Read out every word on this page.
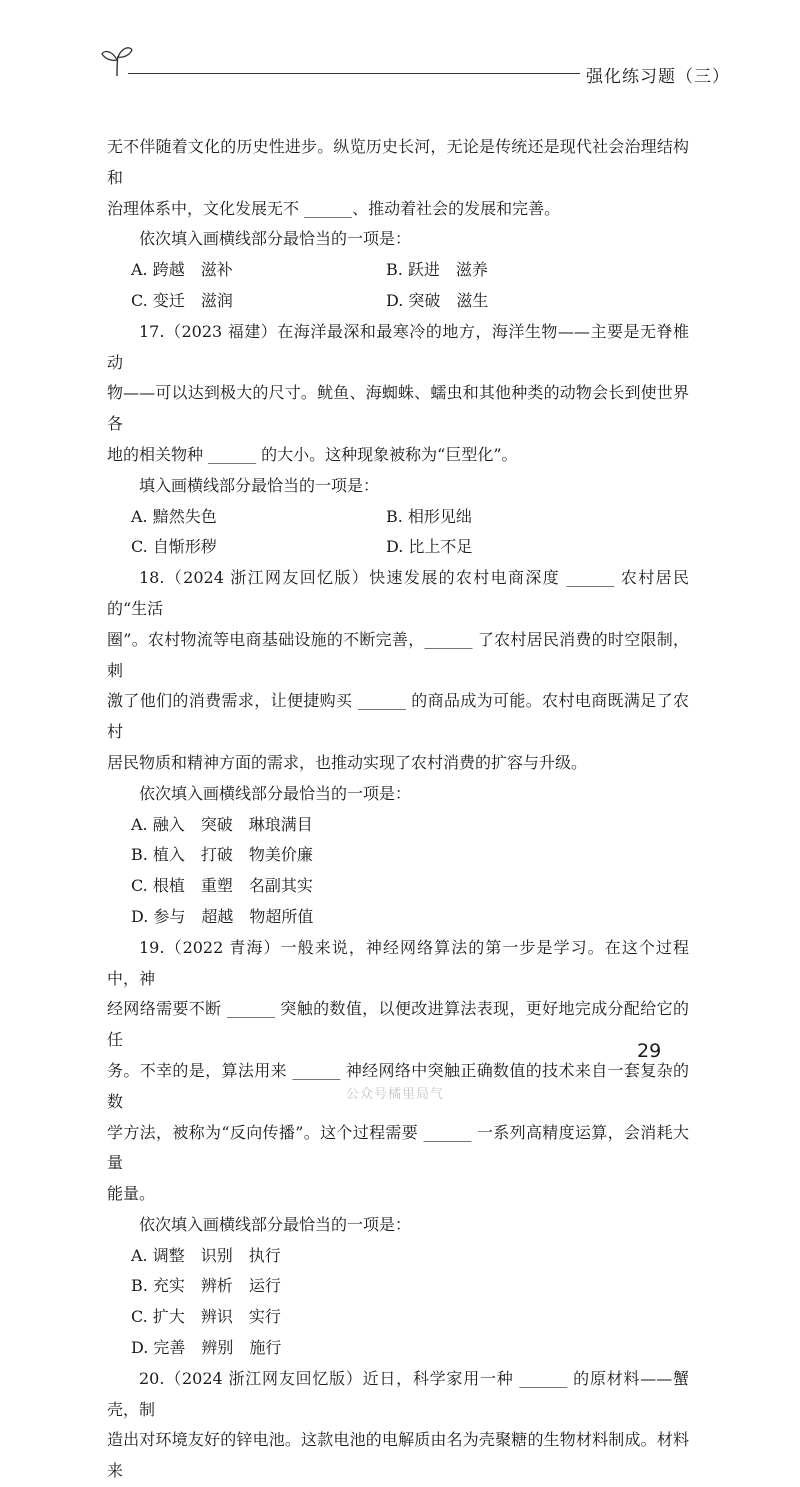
强化练习题（三）

无不伴随着文化的历史性进步。纵览历史长河，无论是传统还是现代社会治理结构和

治理体系中，文化发展无不 ______、推动着社会的发展和完善。

依次填入画横线部分最恰当的一项是：

A. 跨越　滋补	B. 跃进　滋养
C. 变迁　滋润	D. 突破　滋生

17.（2023 福建）在海洋最深和最寒冷的地方，海洋生物——主要是无脊椎动

物——可以达到极大的尺寸。鱿鱼、海蜘蛛、蠕虫和其他种类的动物会长到使世界各

地的相关物种 ______ 的大小。这种现象被称为“巨型化”。

填入画横线部分最恰当的一项是：

A. 黯然失色	B. 相形见绌
C. 自惭形秽	D. 比上不足

18.（2024 浙江网友回忆版）快速发展的农村电商深度 ______ 农村居民的“生活

圈”。农村物流等电商基础设施的不断完善，______ 了农村居民消费的时空限制，刺

激了他们的消费需求，让便捷购买 ______ 的商品成为可能。农村电商既满足了农村

居民物质和精神方面的需求，也推动实现了农村消费的扩容与升级。

依次填入画横线部分最恰当的一项是：

A. 融入　突破　琳琅满目
B. 植入　打破　物美价廉
C. 根植　重塑　名副其实
D. 参与　超越　物超所值

19.（2022 青海）一般来说，神经网络算法的第一步是学习。在这个过程中，神

经网络需要不断 ______ 突触的数值，以便改进算法表现，更好地完成分配给它的任

务。不幸的是，算法用来 ______ 神经网络中突触正确数值的技术来自一套复杂的数

学方法，被称为“反向传播”。这个过程需要 ______ 一系列高精度运算，会消耗大量

能量。

依次填入画横线部分最恰当的一项是：

A. 调整　识别　执行
B. 充实　辨析　运行
C. 扩大　辨识　实行
D. 完善　辨别　施行

20.（2024 浙江网友回忆版）近日，科学家用一种 ______ 的原材料——蟹壳，制

造出对环境友好的锌电池。这款电池的电解质由名为壳聚糖的生物材料制成。材料来

29
公众号橘里局气
